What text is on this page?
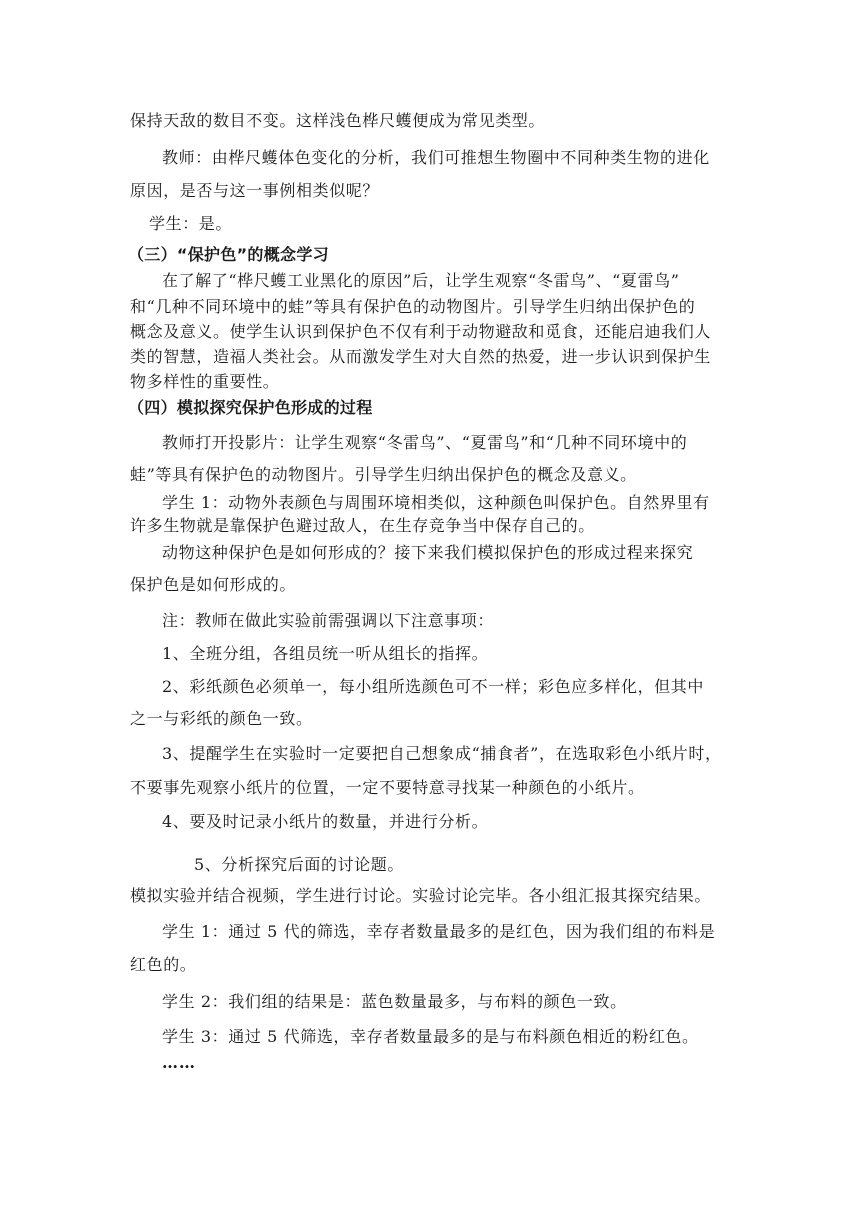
保持天敌的数目不变。这样浅色桦尺蠖便成为常见类型。
教师：由桦尺蠖体色变化的分析，我们可推想生物圈中不同种类生物的进化
原因，是否与这一事例相类似呢？
学生：是。
（三）“保护色”的概念学习
在了解了“桦尺蠖工业黑化的原因”后，让学生观察“冬雷鸟”、“夏雷鸟”
和“几种不同环境中的蛙”等具有保护色的动物图片。引导学生归纳出保护色的
概念及意义。使学生认识到保护色不仅有利于动物避敌和觅食，还能启迪我们人
类的智慧，造福人类社会。从而激发学生对大自然的热爱，进一步认识到保护生
物多样性的重要性。
（四）模拟探究保护色形成的过程
教师打开投影片：让学生观察“冬雷鸟”、“夏雷鸟”和“几种不同环境中的
蛙”等具有保护色的动物图片。引导学生归纳出保护色的概念及意义。
学生 1：动物外表颜色与周围环境相类似，这种颜色叫保护色。自然界里有
许多生物就是靠保护色避过敌人，在生存竞争当中保存自己的。
动物这种保护色是如何形成的？接下来我们模拟保护色的形成过程来探究
保护色是如何形成的。
注：教师在做此实验前需强调以下注意事项：
1、全班分组，各组员统一听从组长的指挥。
2、彩纸颜色必须单一，每小组所选颜色可不一样；彩色应多样化，但其中
之一与彩纸的颜色一致。
3、提醒学生在实验时一定要把自己想象成“捕食者”，在选取彩色小纸片时，
不要事先观察小纸片的位置，一定不要特意寻找某一种颜色的小纸片。
4、要及时记录小纸片的数量，并进行分析。
5、分析探究后面的讨论题。
模拟实验并结合视频，学生进行讨论。实验讨论完毕。各小组汇报其探究结果。
学生 1：通过 5 代的筛选，幸存者数量最多的是红色，因为我们组的布料是
红色的。
学生 2：我们组的结果是：蓝色数量最多，与布料的颜色一致。
学生 3：通过 5 代筛选，幸存者数量最多的是与布料颜色相近的粉红色。
……
